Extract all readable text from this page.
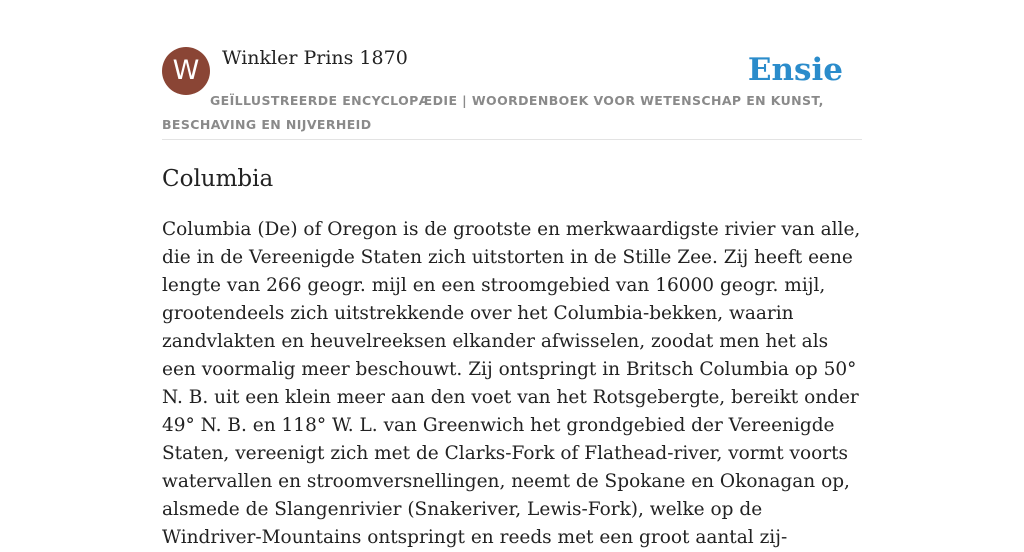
W	Winkler Prins 1870	Ensie
GEÏLLUSTREERDE ENCYCLOPÆDIE | WOORDENBOEK VOOR WETENSCHAP EN KUNST, BESCHAVING EN NIJVERHEID
Columbia

Columbia (De) of Oregon is de grootste en merkwaardigste rivier van alle, die in de Vereenigde Staten zich uitstorten in de Stille Zee. Zij heeft eene lengte van 266 geogr. mijl en een stroomgebied van 16000 geogr. mijl, grootendeels zich uitstrekkende over het Columbia-bekken, waarin zandvlakten en heuvelreeksen elkander afwisselen, zoodat men het als een voormalig meer beschouwt. Zij ontspringt in Britsch Columbia op 50° N. B. uit een klein meer aan den voet van het Rotsgebergte, bereikt onder 49° N. B. en 118° W. L. van Greenwich het grondgebied der Vereenigde Staten, vereenigt zich met de Clarks-Fork of Flathead-river, vormt voorts watervallen en stroomversnellingen, neemt de Spokane en Okonagan op, alsmede de Slangenrivier (Snakeriver, Lewis-Fork), welke op de Windriver-Mountains ontspringt en reeds met een groot aantal zij-
